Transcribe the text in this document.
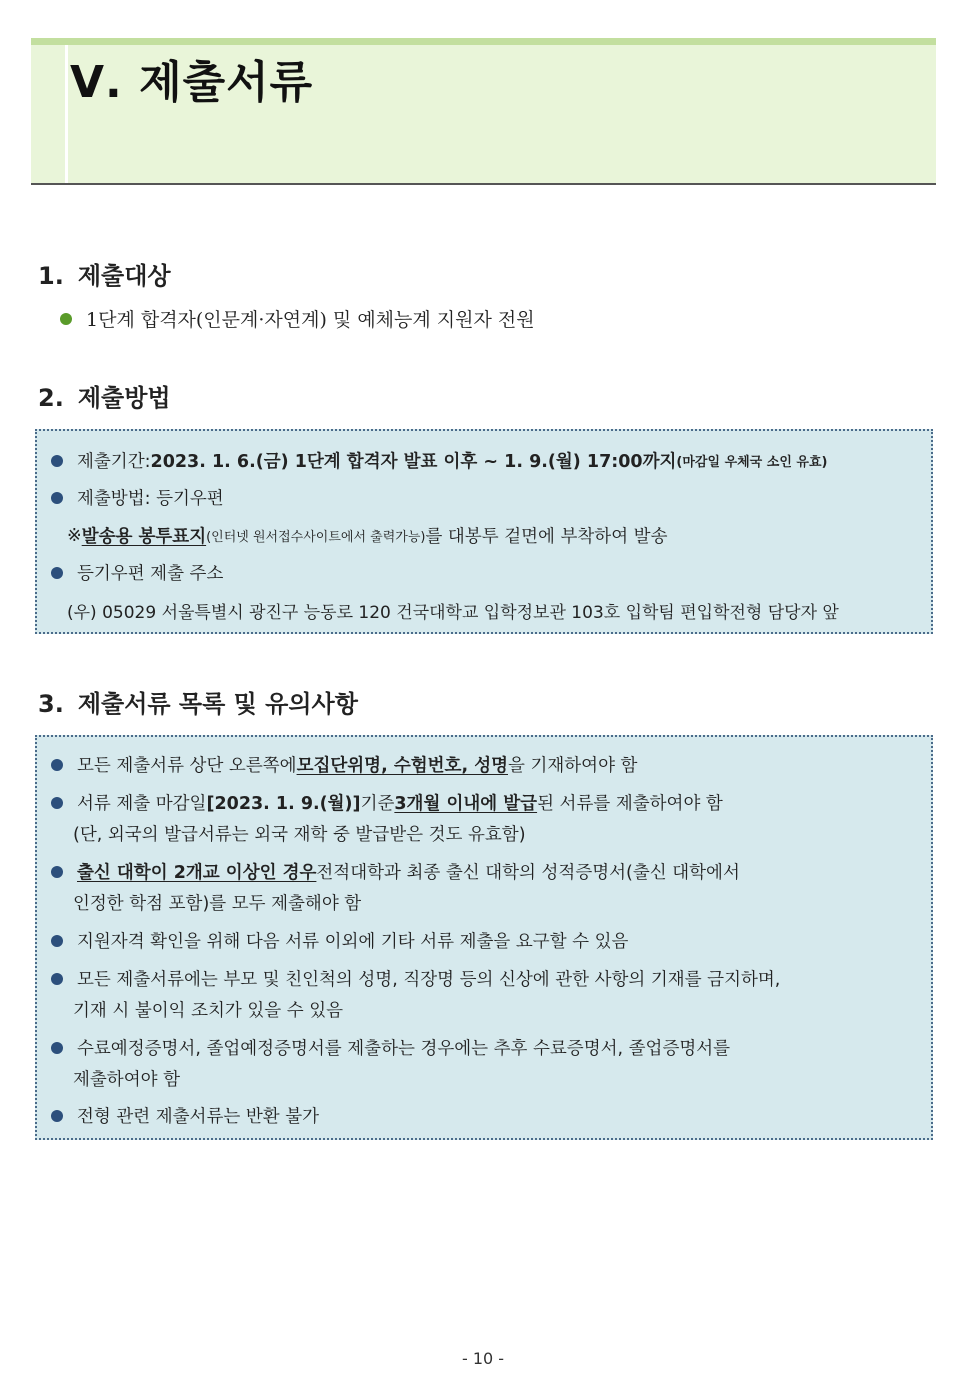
Ⅴ. 제출서류
1. 제출대상
1단계 합격자(인문계·자연계) 및 예체능계 지원자 전원
2. 제출방법
제출기간: 2023. 1. 6.(금) 1단계 합격자 발표 이후 ~ 1. 9.(월) 17:00까지 (마감일 우체국 소인 유효)
제출방법: 등기우편
※ 발송용 봉투표지 (인터넷 원서접수사이트에서 출력가능) 를 대봉투 겉면에 부착하여 발송
등기우편 제출 주소
(우) 05029 서울특별시 광진구 능동로 120 건국대학교 입학정보관 103호 입학팀 편입학전형 담당자 앞
3. 제출서류 목록 및 유의사항
모든 제출서류 상단 오른쪽에 모집단위명, 수험번호, 성명 을 기재하여야 함
서류 제출 마감일 [2023. 1. 9.(월)] 기준 3개월 이내에 발급 된 서류를 제출하여야 함
(단, 외국의 발급서류는 외국 재학 중 발급받은 것도 유효함)
출신 대학이 2개교 이상인 경우 전적대학과 최종 출신 대학의 성적증명서(출신 대학에서
인정한 학점 포함)를 모두 제출해야 함
지원자격 확인을 위해 다음 서류 이외에 기타 서류 제출을 요구할 수 있음
모든 제출서류에는 부모 및 친인척의 성명, 직장명 등의 신상에 관한 사항의 기재를 금지하며,
기재 시 불이익 조치가 있을 수 있음
수료예정증명서, 졸업예정증명서를 제출하는 경우에는 추후 수료증명서, 졸업증명서를
제출하여야 함
전형 관련 제출서류는 반환 불가
- 10 -
